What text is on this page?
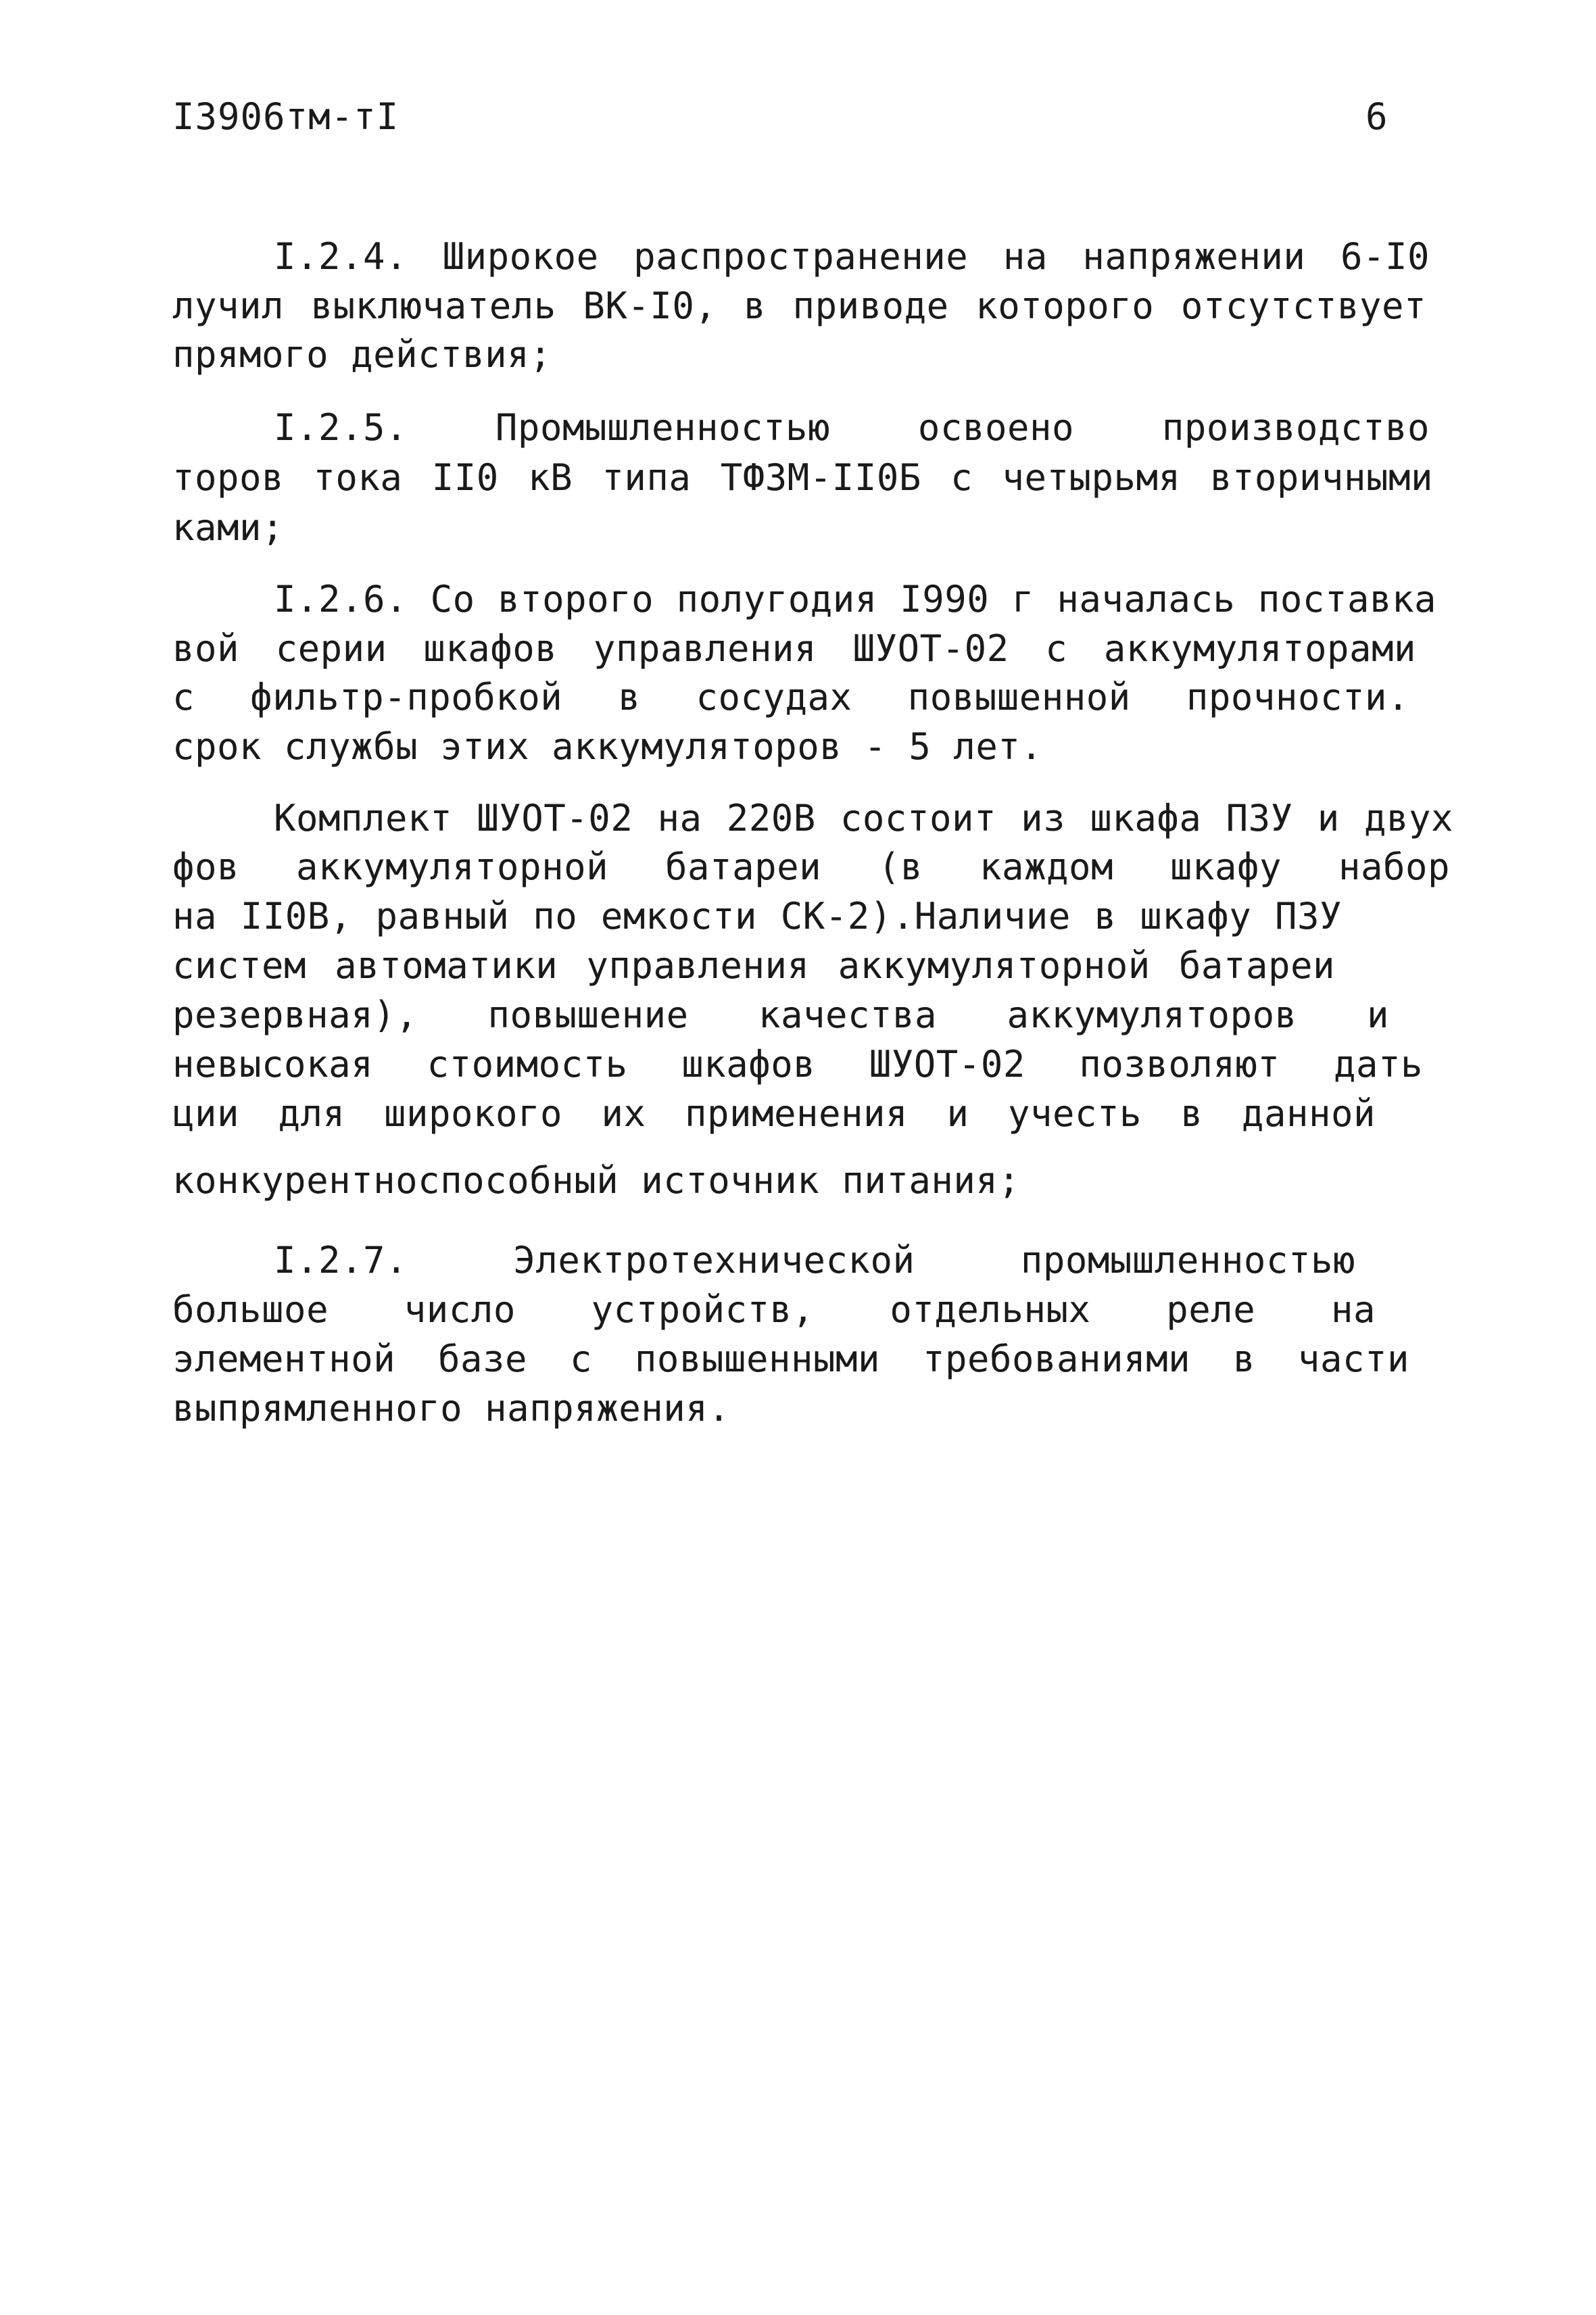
I3906тм-тI	6
I.2.4. Широкое распространение на напряжении 6-I0
лучил выключатель ВК-I0, в приводе которого отсутствует
прямого действия;
I.2.5. Промышленностью освоено производство
торов тока II0 кВ типа ТФЗМ-II0Б с четырьмя вторичными
ками;
I.2.6. Со второго полугодия I990 г началась поставка
вой серии шкафов управления ШУОТ-02 с аккумуляторами
с фильтр-пробкой в сосудах повышенной прочности.
срок службы этих аккумуляторов - 5 лет.
Комплект ШУОТ-02 на 220В состоит из шкафа ПЗУ и двух
фов аккумуляторной батареи (в каждом шкафу набор
на II0В, равный по емкости СК-2).Наличие в шкафу ПЗУ
систем автоматики управления аккумуляторной батареи
резервная), повышение качества аккумуляторов и
невысокая стоимость шкафов ШУОТ-02 позволяют дать
ции для широкого их применения и учесть в данной
конкурентноспособный источник питания;
I.2.7. Электротехнической промышленностью
большое число устройств, отдельных реле на
элементной базе с повышенными требованиями в части
выпрямленного напряжения.
